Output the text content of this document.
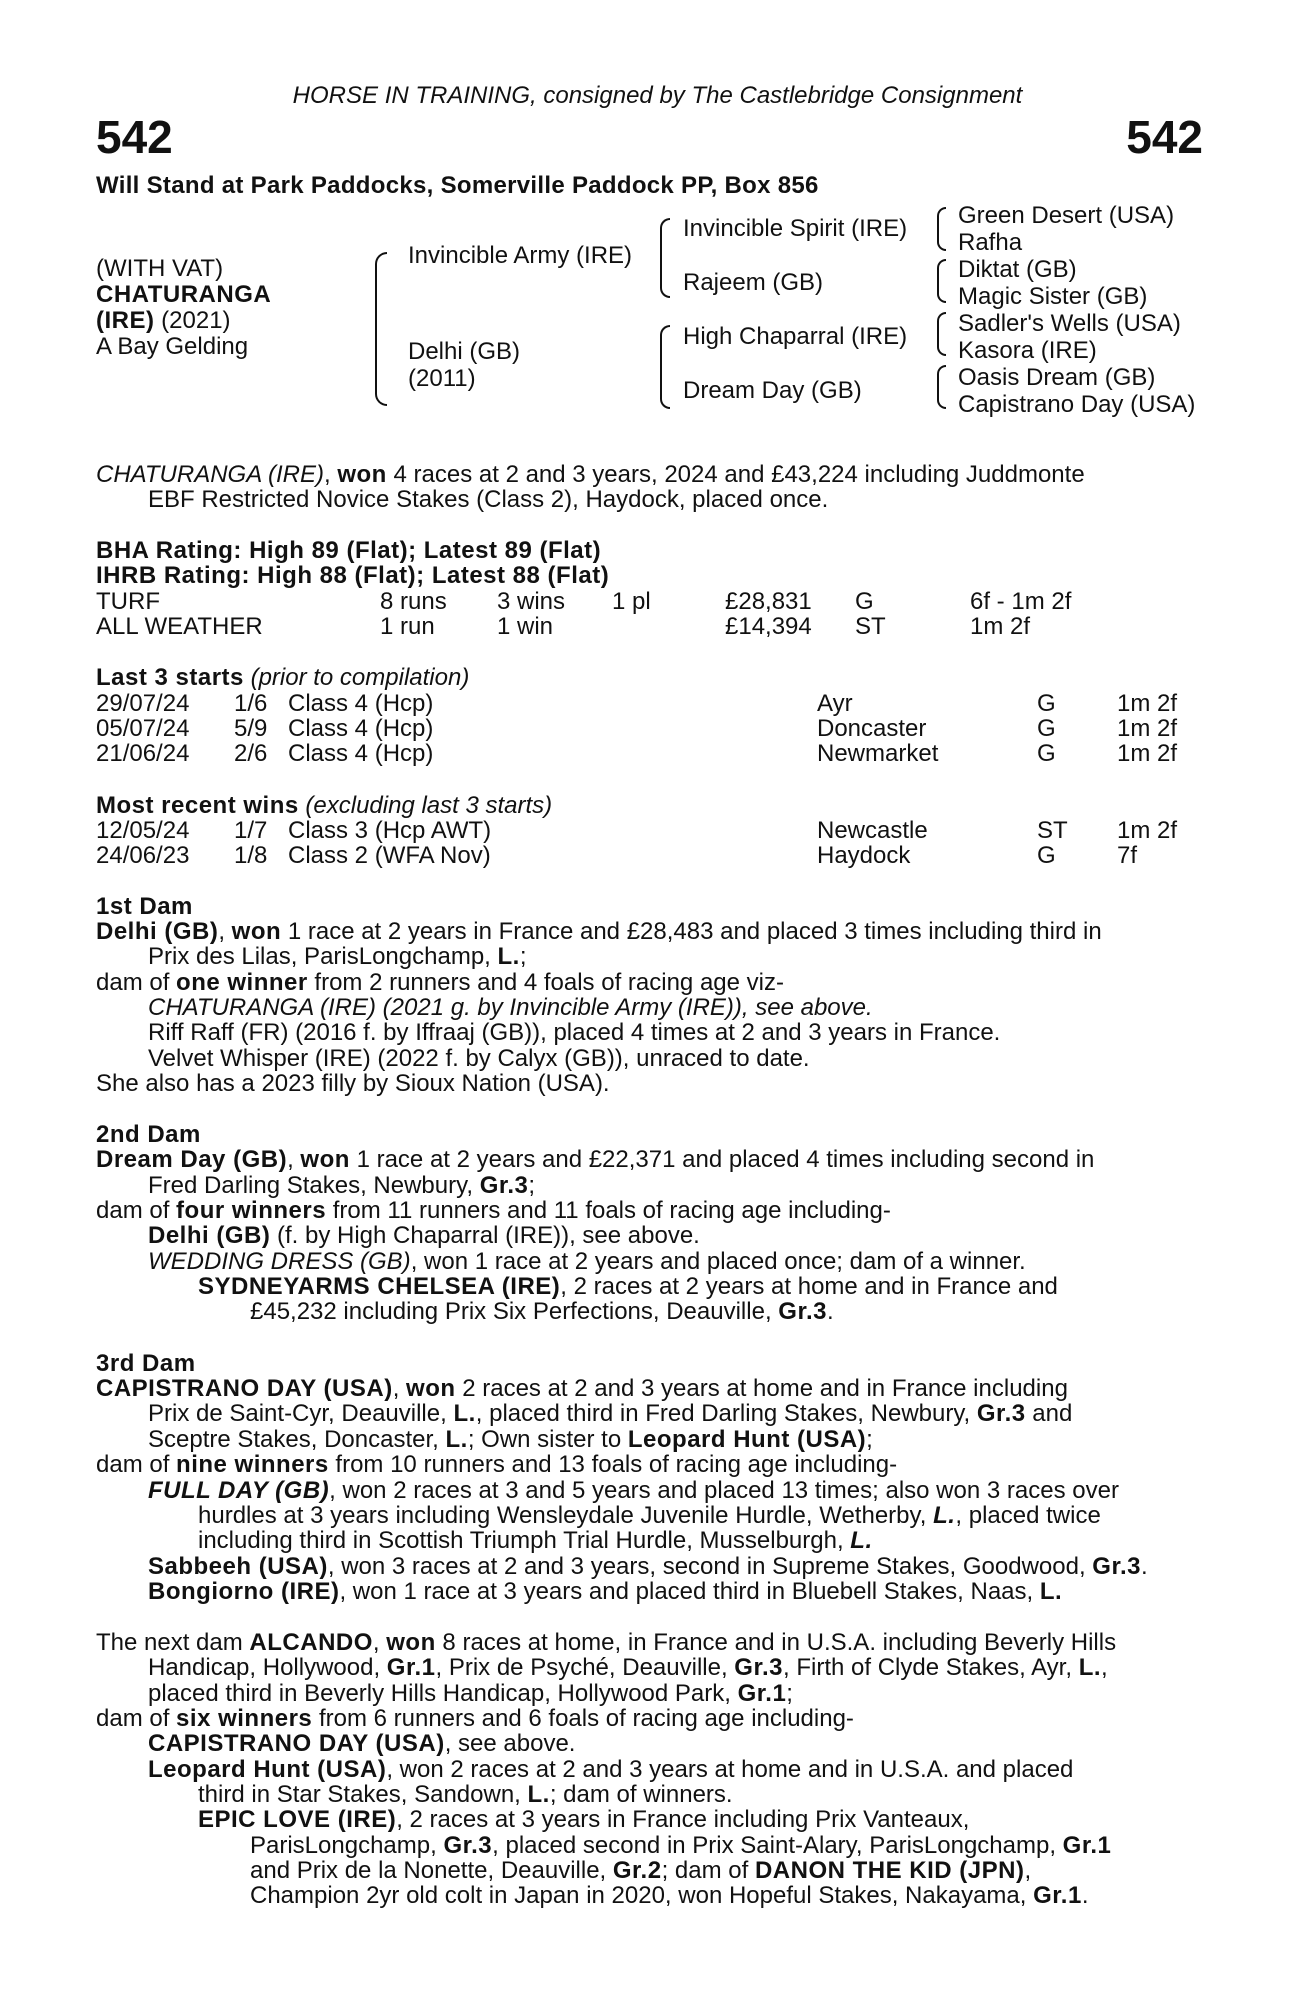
HORSE IN TRAINING, consigned by The Castlebridge Consignment
542	542
Will Stand at Park Paddocks, Somerville Paddock PP, Box 856
(WITH VAT)
CHATURANGA
(IRE) (2021)
A Bay Gelding
Invincible Army (IRE)
Delhi (GB)
(2011)
Invincible Spirit (IRE)
Rajeem (GB)
High Chaparral (IRE)
Dream Day (GB)
Green Desert (USA)
Rafha
Diktat (GB)
Magic Sister (GB)
Sadler's Wells (USA)
Kasora (IRE)
Oasis Dream (GB)
Capistrano Day (USA)
CHATURANGA (IRE), won 4 races at 2 and 3 years, 2024 and £43,224 including Juddmonte
EBF Restricted Novice Stakes (Class 2), Haydock, placed once.
BHA Rating: High 89 (Flat); Latest 89 (Flat)
IHRB Rating: High 88 (Flat); Latest 88 (Flat)
TURF	8 runs 3 wins 1 pl	£28,831 G	6f - 1m 2f
ALL WEATHER	1 run	1 win	£14,394 ST	1m 2f
Last 3 starts (prior to compilation)
29/07/24 1/6 Class 4 (Hcp)	Ayr	G	1m 2f
05/07/24 5/9 Class 4 (Hcp)	Doncaster	G	1m 2f
21/06/24 2/6 Class 4 (Hcp)	Newmarket	G	1m 2f
Most recent wins (excluding last 3 starts)
12/05/24 1/7 Class 3 (Hcp AWT)	Newcastle	ST 1m 2f
24/06/23 1/8 Class 2 (WFA Nov)	Haydock	G	7f
1st Dam
Delhi (GB), won 1 race at 2 years in France and £28,483 and placed 3 times including third in
Prix des Lilas, ParisLongchamp, L.;
dam of one winner from 2 runners and 4 foals of racing age viz-
CHATURANGA (IRE) (2021 g. by Invincible Army (IRE)), see above.
Riff Raff (FR) (2016 f. by Iffraaj (GB)), placed 4 times at 2 and 3 years in France.
Velvet Whisper (IRE) (2022 f. by Calyx (GB)), unraced to date.
She also has a 2023 filly by Sioux Nation (USA).
2nd Dam
Dream Day (GB), won 1 race at 2 years and £22,371 and placed 4 times including second in
Fred Darling Stakes, Newbury, Gr.3;
dam of four winners from 11 runners and 11 foals of racing age including-
Delhi (GB) (f. by High Chaparral (IRE)), see above.
WEDDING DRESS (GB), won 1 race at 2 years and placed once; dam of a winner.
SYDNEYARMS CHELSEA (IRE), 2 races at 2 years at home and in France and
£45,232 including Prix Six Perfections, Deauville, Gr.3.
3rd Dam
CAPISTRANO DAY (USA), won 2 races at 2 and 3 years at home and in France including
Prix de Saint-Cyr, Deauville, L., placed third in Fred Darling Stakes, Newbury, Gr.3 and
Sceptre Stakes, Doncaster, L.; Own sister to Leopard Hunt (USA);
dam of nine winners from 10 runners and 13 foals of racing age including-
FULL DAY (GB), won 2 races at 3 and 5 years and placed 13 times; also won 3 races over
hurdles at 3 years including Wensleydale Juvenile Hurdle, Wetherby, L., placed twice
including third in Scottish Triumph Trial Hurdle, Musselburgh, L.
Sabbeeh (USA), won 3 races at 2 and 3 years, second in Supreme Stakes, Goodwood, Gr.3.
Bongiorno (IRE), won 1 race at 3 years and placed third in Bluebell Stakes, Naas, L.
The next dam ALCANDO, won 8 races at home, in France and in U.S.A. including Beverly Hills
Handicap, Hollywood, Gr.1, Prix de Psyché, Deauville, Gr.3, Firth of Clyde Stakes, Ayr, L.,
placed third in Beverly Hills Handicap, Hollywood Park, Gr.1;
dam of six winners from 6 runners and 6 foals of racing age including-
CAPISTRANO DAY (USA), see above.
Leopard Hunt (USA), won 2 races at 2 and 3 years at home and in U.S.A. and placed
third in Star Stakes, Sandown, L.; dam of winners.
EPIC LOVE (IRE), 2 races at 3 years in France including Prix Vanteaux,
ParisLongchamp, Gr.3, placed second in Prix Saint-Alary, ParisLongchamp, Gr.1
and Prix de la Nonette, Deauville, Gr.2; dam of DANON THE KID (JPN),
Champion 2yr old colt in Japan in 2020, won Hopeful Stakes, Nakayama, Gr.1.
